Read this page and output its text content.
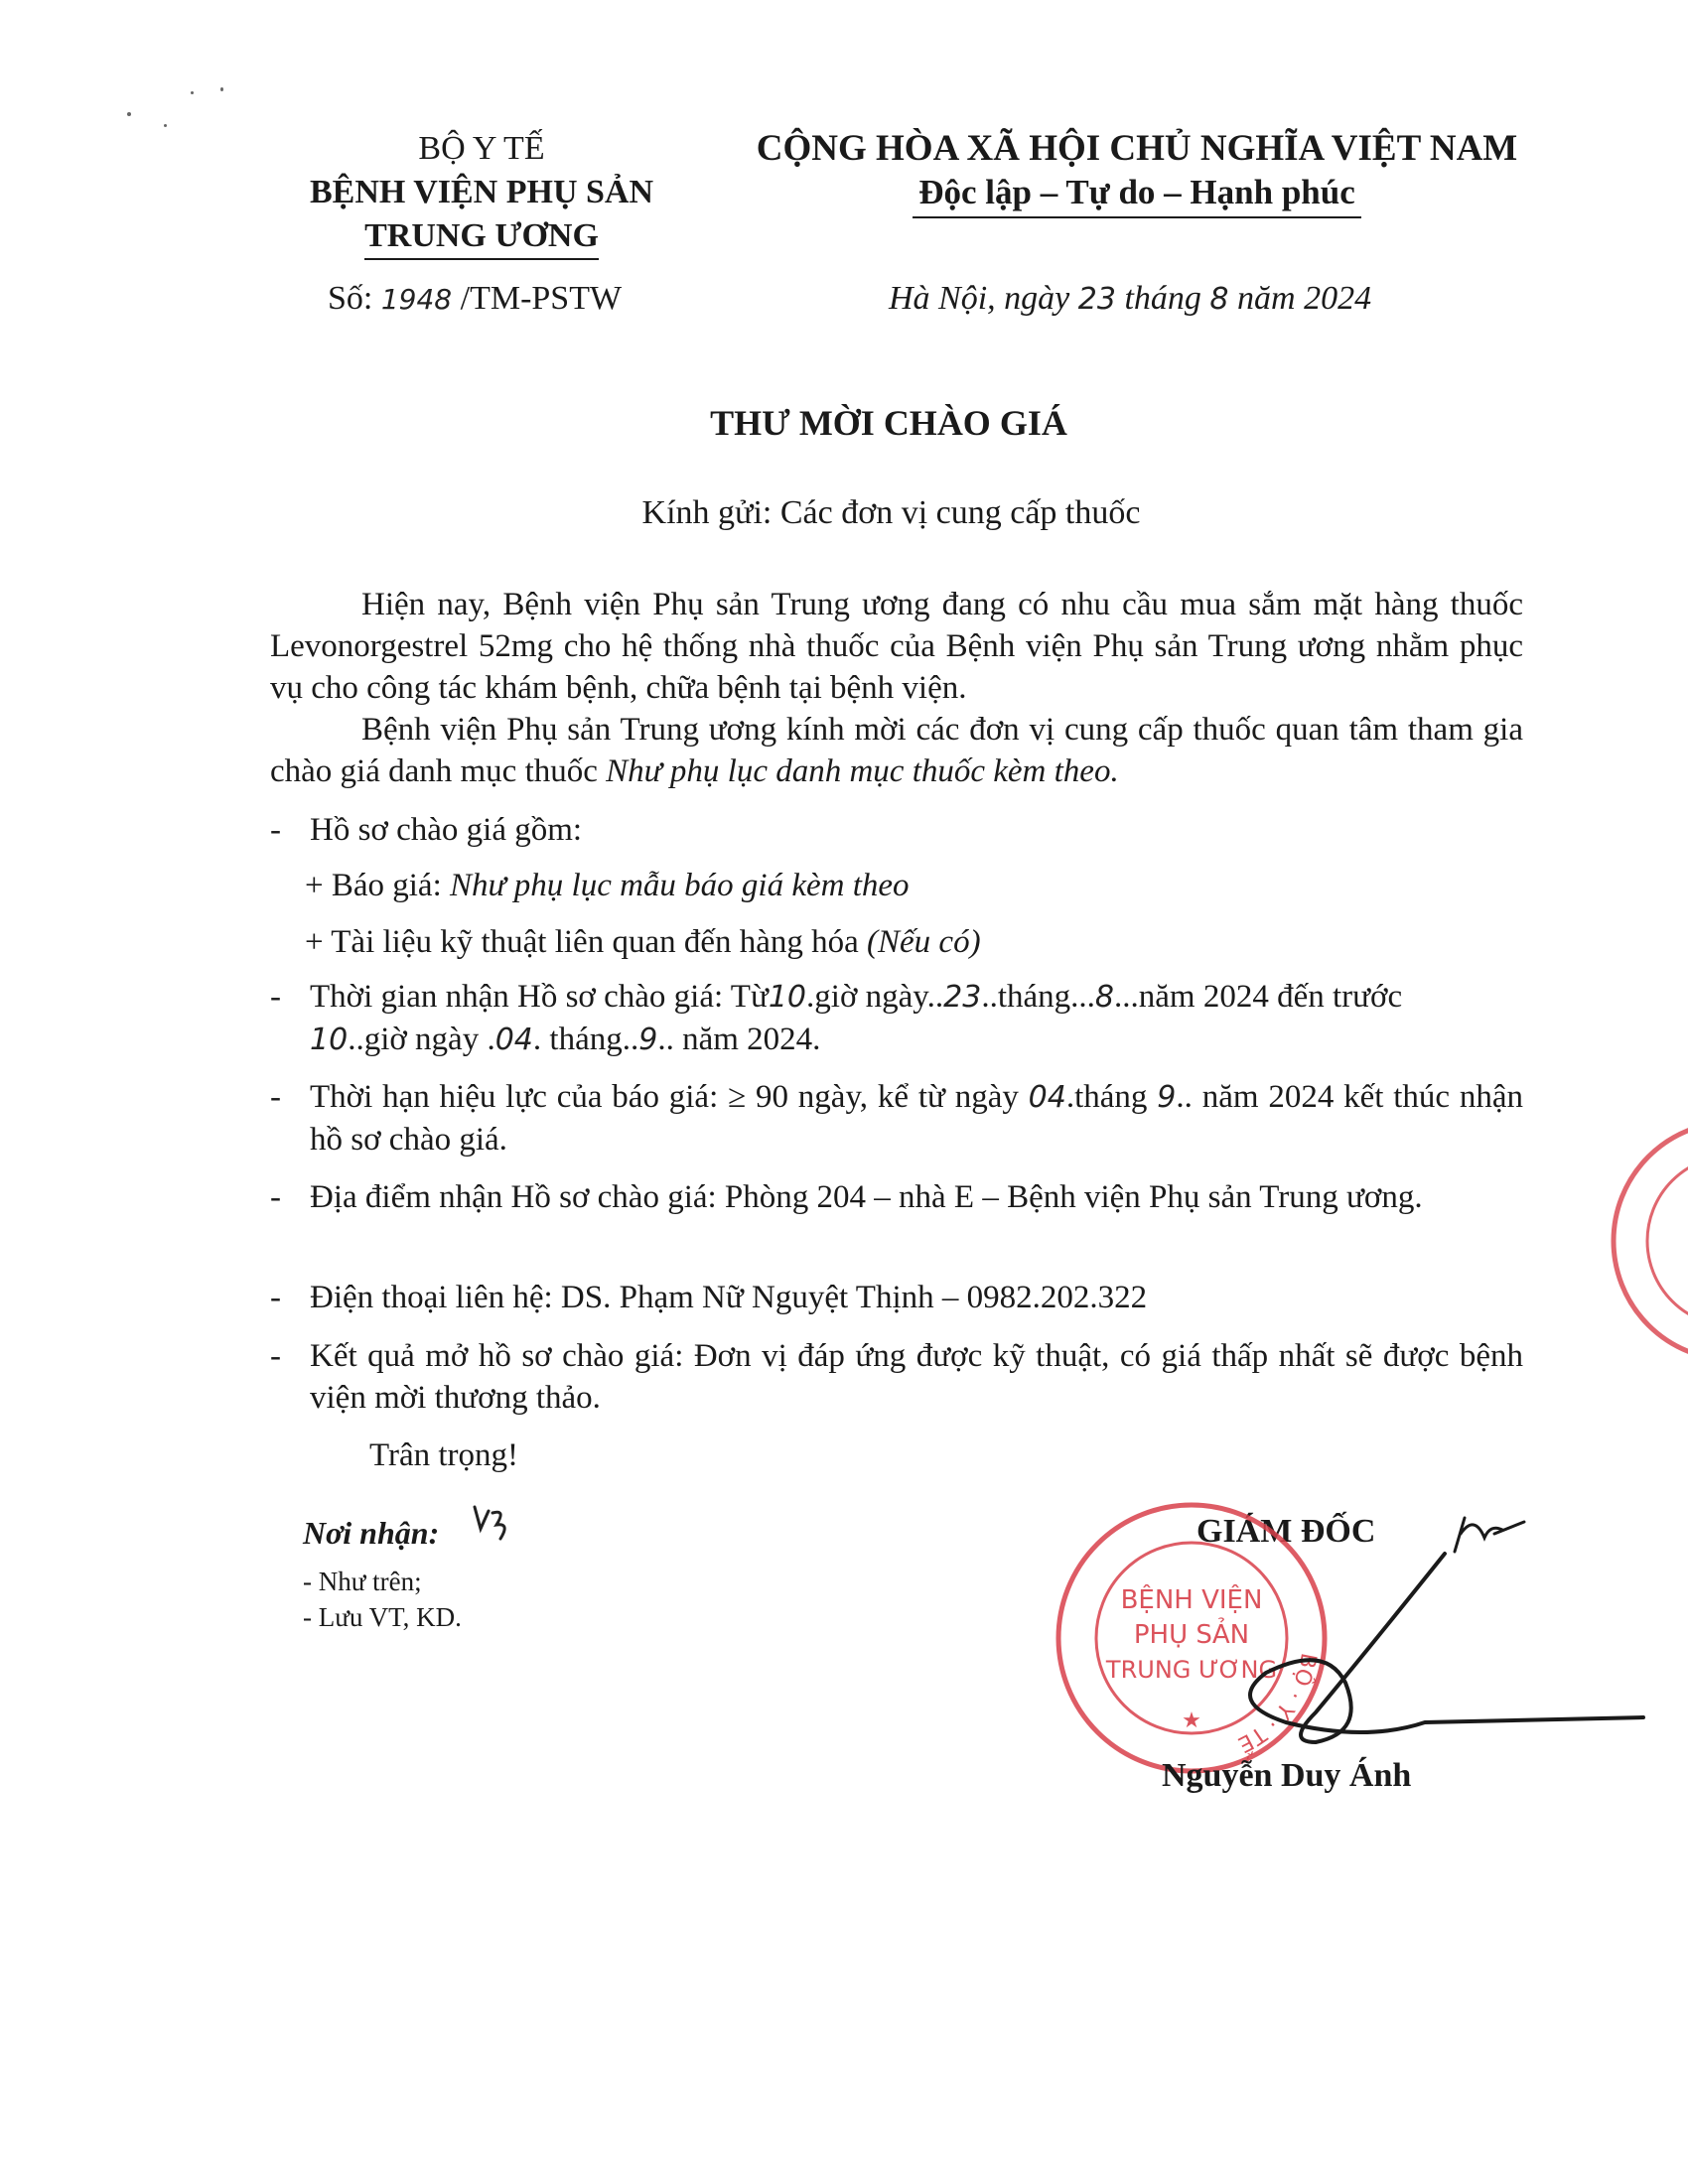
BỘ Y TẾ
BỆNH VIỆN PHỤ SẢN
TRUNG ƯƠNG
CỘNG HÒA XÃ HỘI CHỦ NGHĨA VIỆT NAM
Độc lập – Tự do – Hạnh phúc
Số: 1948 /TM-PSTW	Hà Nội, ngày 23 tháng 8 năm 2024
THƯ MỜI CHÀO GIÁ
Kính gửi: Các đơn vị cung cấp thuốc

Hiện nay, Bệnh viện Phụ sản Trung ương đang có nhu cầu mua sắm mặt hàng thuốc Levonorgestrel 52mg cho hệ thống nhà thuốc của Bệnh viện Phụ sản Trung ương nhằm phục vụ cho công tác khám bệnh, chữa bệnh tại bệnh viện.

Bệnh viện Phụ sản Trung ương kính mời các đơn vị cung cấp thuốc quan tâm tham gia chào giá danh mục thuốc Như phụ lục danh mục thuốc kèm theo.

- Hồ sơ chào giá gồm:
+ Báo giá: Như phụ lục mẫu báo giá kèm theo
+ Tài liệu kỹ thuật liên quan đến hàng hóa (Nếu có)
- Thời gian nhận Hồ sơ chào giá: Từ10.giờ ngày..23..tháng...8...năm 2024 đến trước
10..giờ ngày .04. tháng..9.. năm 2024.
- Thời hạn hiệu lực của báo giá: ≥ 90 ngày, kể từ ngày 04.tháng 9.. năm 2024 kết thúc nhận hồ sơ chào giá.
- Địa điểm nhận Hồ sơ chào giá: Phòng 204 – nhà E – Bệnh viện Phụ sản Trung ương.
- Điện thoại liên hệ: DS. Phạm Nữ Nguyệt Thịnh – 0982.202.322
- Kết quả mở hồ sơ chào giá: Đơn vị đáp ứng được kỹ thuật, có giá thấp nhất sẽ được bệnh viện mời thương thảo.
Trân trọng!
Nơi nhận:
- Như trên;
- Lưu VT, KD.
GIÁM ĐỐC
BỘ · Y · TẾ
BỆNH VIỆN
PHỤ SẢN
TRUNG ƯƠNG
★
Nguyễn Duy Ánh
